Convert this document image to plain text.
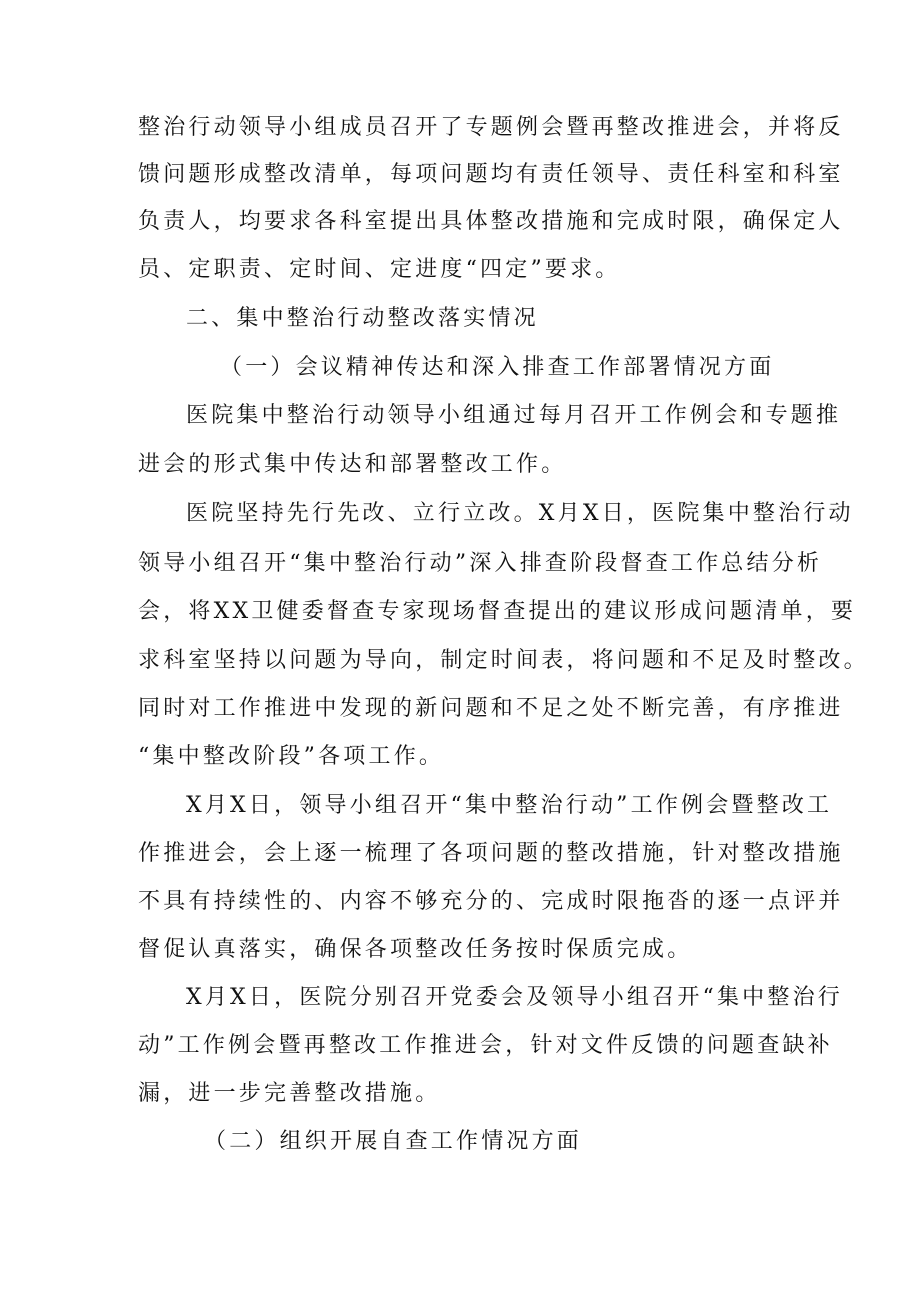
整治行动领导小组成员召开了专题例会暨再整改推进会，并将反
馈问题形成整改清单，每项问题均有责任领导、责任科室和科室
负责人，均要求各科室提出具体整改措施和完成时限，确保定人
员、定职责、定时间、定进度“四定”要求。
二、集中整治行动整改落实情况
（一）会议精神传达和深入排查工作部署情况方面
医院集中整治行动领导小组通过每月召开工作例会和专题推
进会的形式集中传达和部署整改工作。
医院坚持先行先改、立行立改。X月X日，医院集中整治行动
领导小组召开“集中整治行动”深入排查阶段督查工作总结分析
会，将XX卫健委督查专家现场督查提出的建议形成问题清单，要
求科室坚持以问题为导向，制定时间表，将问题和不足及时整改。
同时对工作推进中发现的新问题和不足之处不断完善，有序推进
“集中整改阶段”各项工作。
X月X日，领导小组召开“集中整治行动”工作例会暨整改工
作推进会，会上逐一梳理了各项问题的整改措施，针对整改措施
不具有持续性的、内容不够充分的、完成时限拖沓的逐一点评并
督促认真落实，确保各项整改任务按时保质完成。
X月X日，医院分别召开党委会及领导小组召开“集中整治行
动”工作例会暨再整改工作推进会，针对文件反馈的问题查缺补
漏，进一步完善整改措施。
（二）组织开展自查工作情况方面
